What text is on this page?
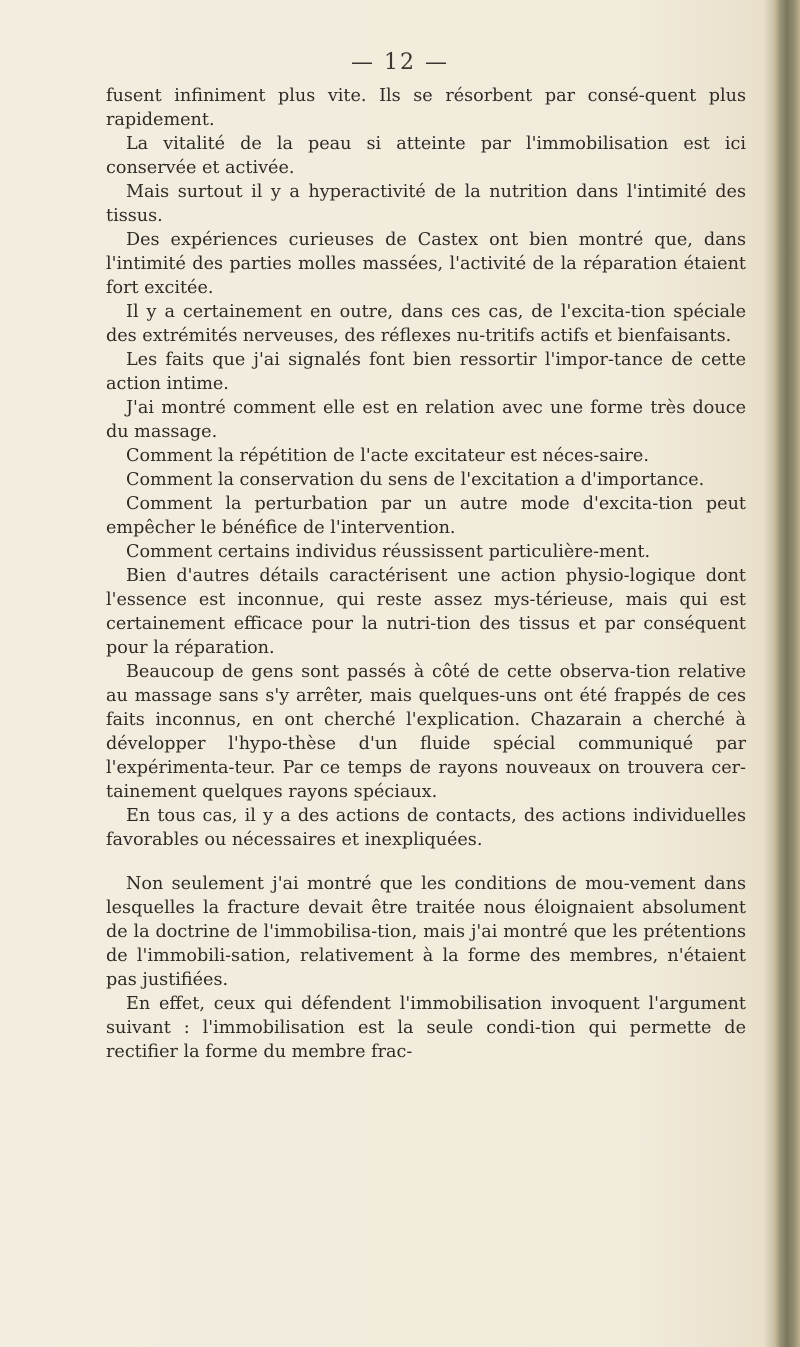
— 12 —

fusent infiniment plus vite. Ils se résorbent par consé-quent plus rapidement.

La vitalité de la peau si atteinte par l'immobilisation est ici conservée et activée.

Mais surtout il y a hyperactivité de la nutrition dans l'intimité des tissus.

Des expériences curieuses de Castex ont bien montré que, dans l'intimité des parties molles massées, l'activité de la réparation étaient fort excitée.

Il y a certainement en outre, dans ces cas, de l'excita-tion spéciale des extrémités nerveuses, des réflexes nu-tritifs actifs et bienfaisants.

Les faits que j'ai signalés font bien ressortir l'impor-tance de cette action intime.

J'ai montré comment elle est en relation avec une forme très douce du massage.

Comment la répétition de l'acte excitateur est néces-saire.

Comment la conservation du sens de l'excitation a d'importance.

Comment la perturbation par un autre mode d'excita-tion peut empêcher le bénéfice de l'intervention.

Comment certains individus réussissent particulière-ment.

Bien d'autres détails caractérisent une action physio-logique dont l'essence est inconnue, qui reste assez mys-térieuse, mais qui est certainement efficace pour la nutri-tion des tissus et par conséquent pour la réparation.

Beaucoup de gens sont passés à côté de cette observa-tion relative au massage sans s'y arrêter, mais quelques-uns ont été frappés de ces faits inconnus, en ont cherché l'explication. Chazarain a cherché à développer l'hypo-thèse d'un fluide spécial communiqué par l'expérimenta-teur. Par ce temps de rayons nouveaux on trouvera cer-tainement quelques rayons spéciaux.

En tous cas, il y a des actions de contacts, des actions individuelles favorables ou nécessaires et inexpliquées.

Non seulement j'ai montré que les conditions de mou-vement dans lesquelles la fracture devait être traitée nous éloignaient absolument de la doctrine de l'immobilisa-tion, mais j'ai montré que les prétentions de l'immobili-sation, relativement à la forme des membres, n'étaient pas justifiées.

En effet, ceux qui défendent l'immobilisation invoquent l'argument suivant : l'immobilisation est la seule condi-tion qui permette de rectifier la forme du membre frac-
